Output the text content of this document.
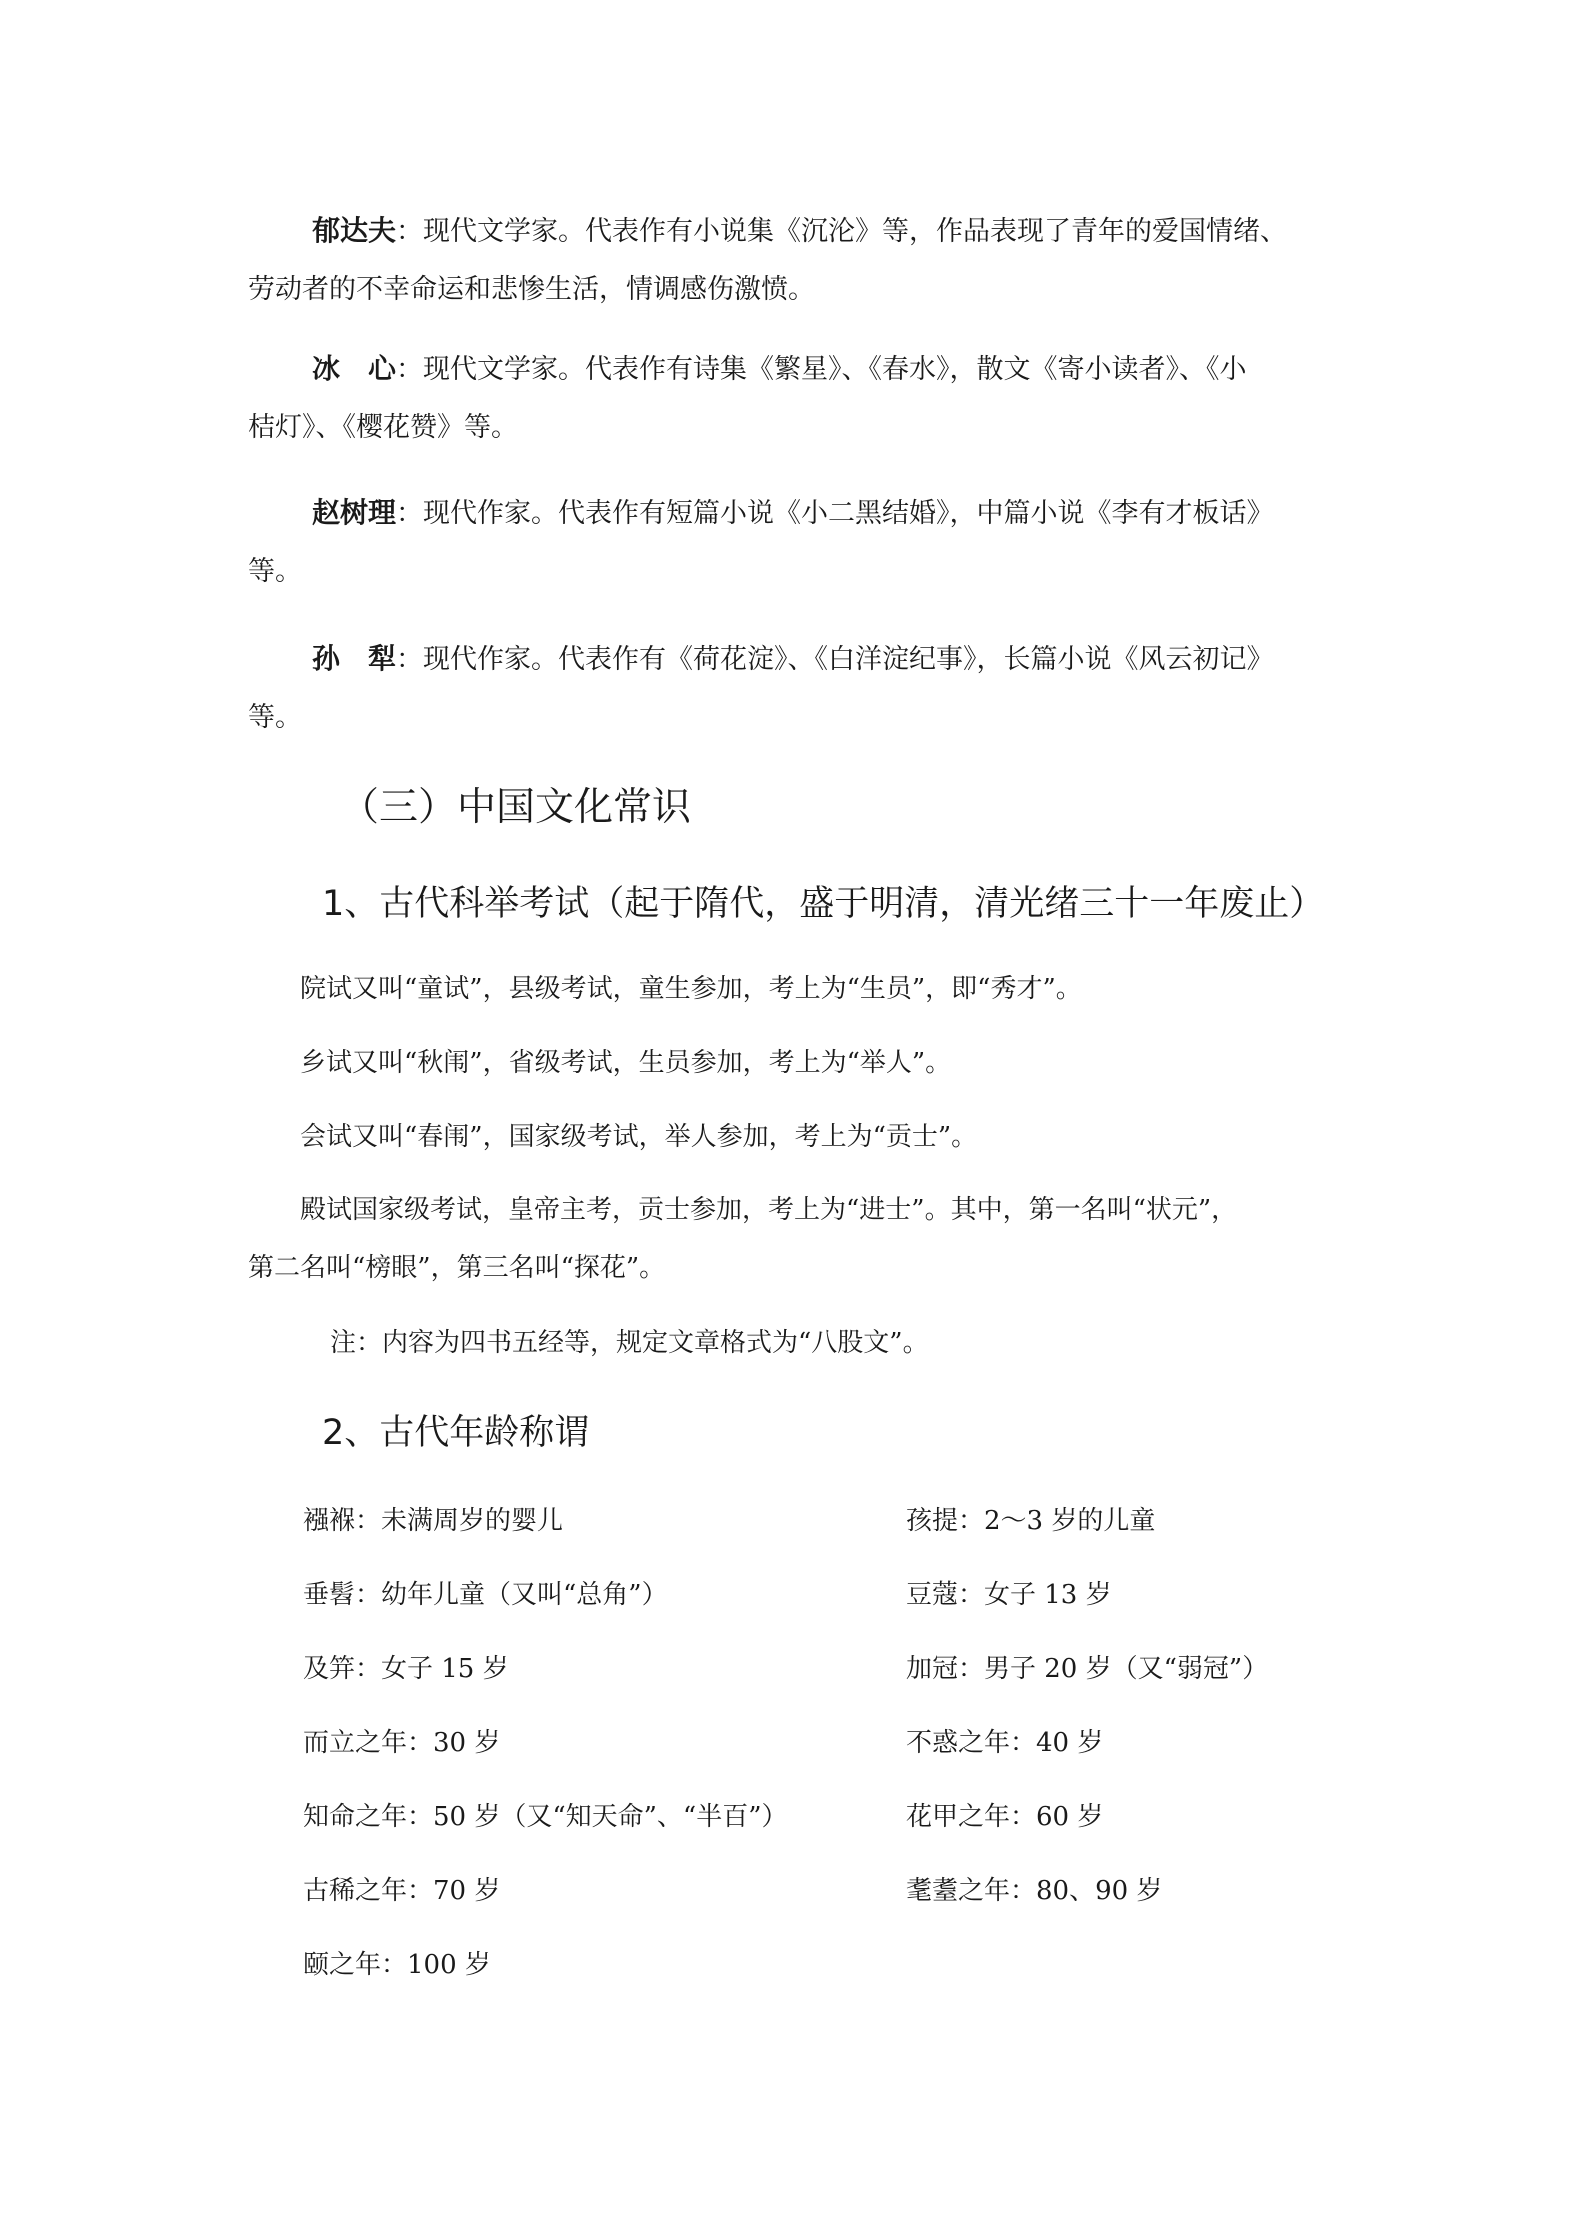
郁达夫：现代文学家。代表作有小说集《沉沦》等，作品表现了青年的爱国情绪、
劳动者的不幸命运和悲惨生活，情调感伤激愤。

冰　心：现代文学家。代表作有诗集《繁星》、《春水》，散文《寄小读者》、《小
桔灯》、《樱花赞》等。

赵树理：现代作家。代表作有短篇小说《小二黑结婚》，中篇小说《李有才板话》
等。

孙　犁：现代作家。代表作有《荷花淀》、《白洋淀纪事》，长篇小说《风云初记》
等。

（三）中国文化常识
1、古代科举考试（起于隋代，盛于明清，清光绪三十一年废止）

院试又叫“童试”，县级考试，童生参加，考上为“生员”，即“秀才”。

乡试又叫“秋闱”，省级考试，生员参加，考上为“举人”。

会试又叫“春闱”，国家级考试，举人参加，考上为“贡士”。

殿试国家级考试，皇帝主考，贡士参加，考上为“进士”。其中，第一名叫“状元”，
第二名叫“榜眼”，第三名叫“探花”。

注：内容为四书五经等，规定文章格式为“八股文”。

2、古代年龄称谓

襁褓：未满周岁的婴儿

垂髫：幼年儿童（又叫“总角”）

及笄：女子 15 岁

而立之年：30 岁

知命之年：50 岁（又“知天命”、“半百”）

古稀之年：70 岁

颐之年：100 岁

孩提：2～3 岁的儿童

豆蔻：女子 13 岁

加冠：男子 20 岁（又“弱冠”）

不惑之年：40 岁

花甲之年：60 岁

耄耋之年：80、90 岁
